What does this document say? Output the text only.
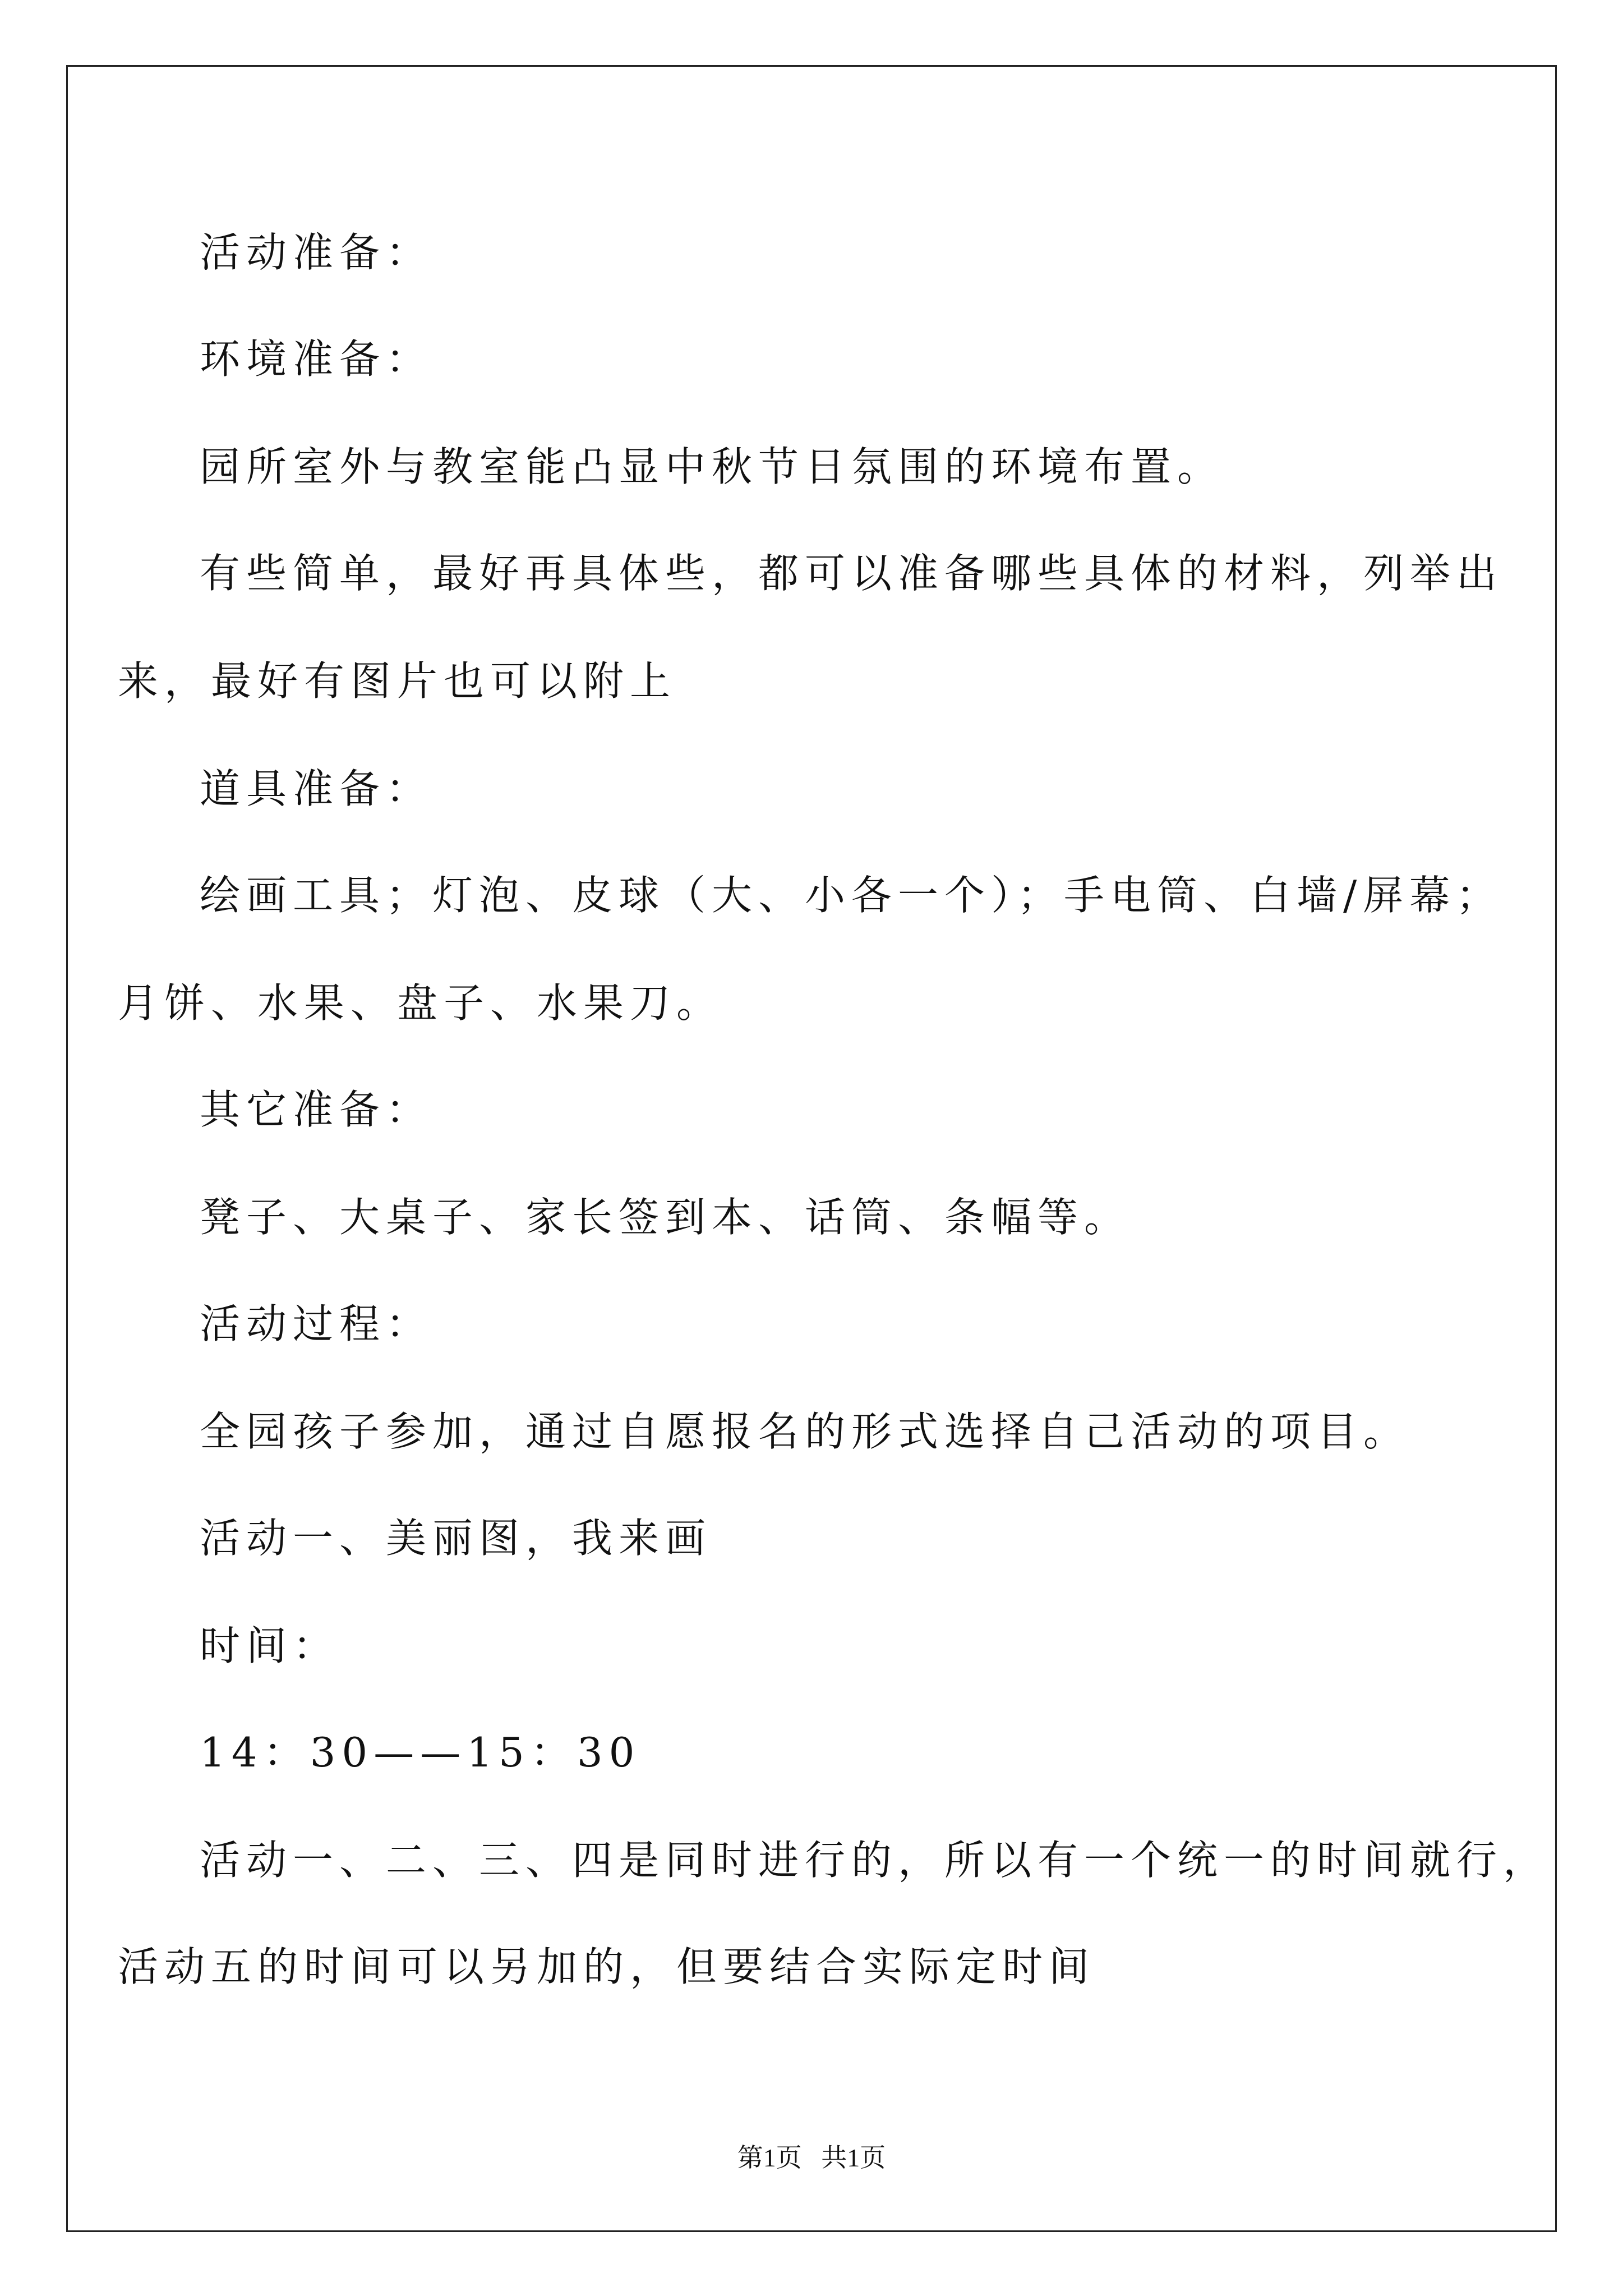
活动准备：

环境准备：

园所室外与教室能凸显中秋节日氛围的环境布置。

有些简单，最好再具体些，都可以准备哪些具体的材料，列举出

来，最好有图片也可以附上

道具准备：

绘画工具；灯泡、皮球（大、小各一个）；手电筒、白墙/屏幕；

月饼、水果、盘子、水果刀。

其它准备：

凳子、大桌子、家长签到本、话筒、条幅等。

活动过程：

全园孩子参加，通过自愿报名的形式选择自己活动的项目。

活动一、美丽图，我来画

时间：

14：30——15：30

活动一、二、三、四是同时进行的，所以有一个统一的时间就行，

活动五的时间可以另加的，但要结合实际定时间

第1页   共1页
